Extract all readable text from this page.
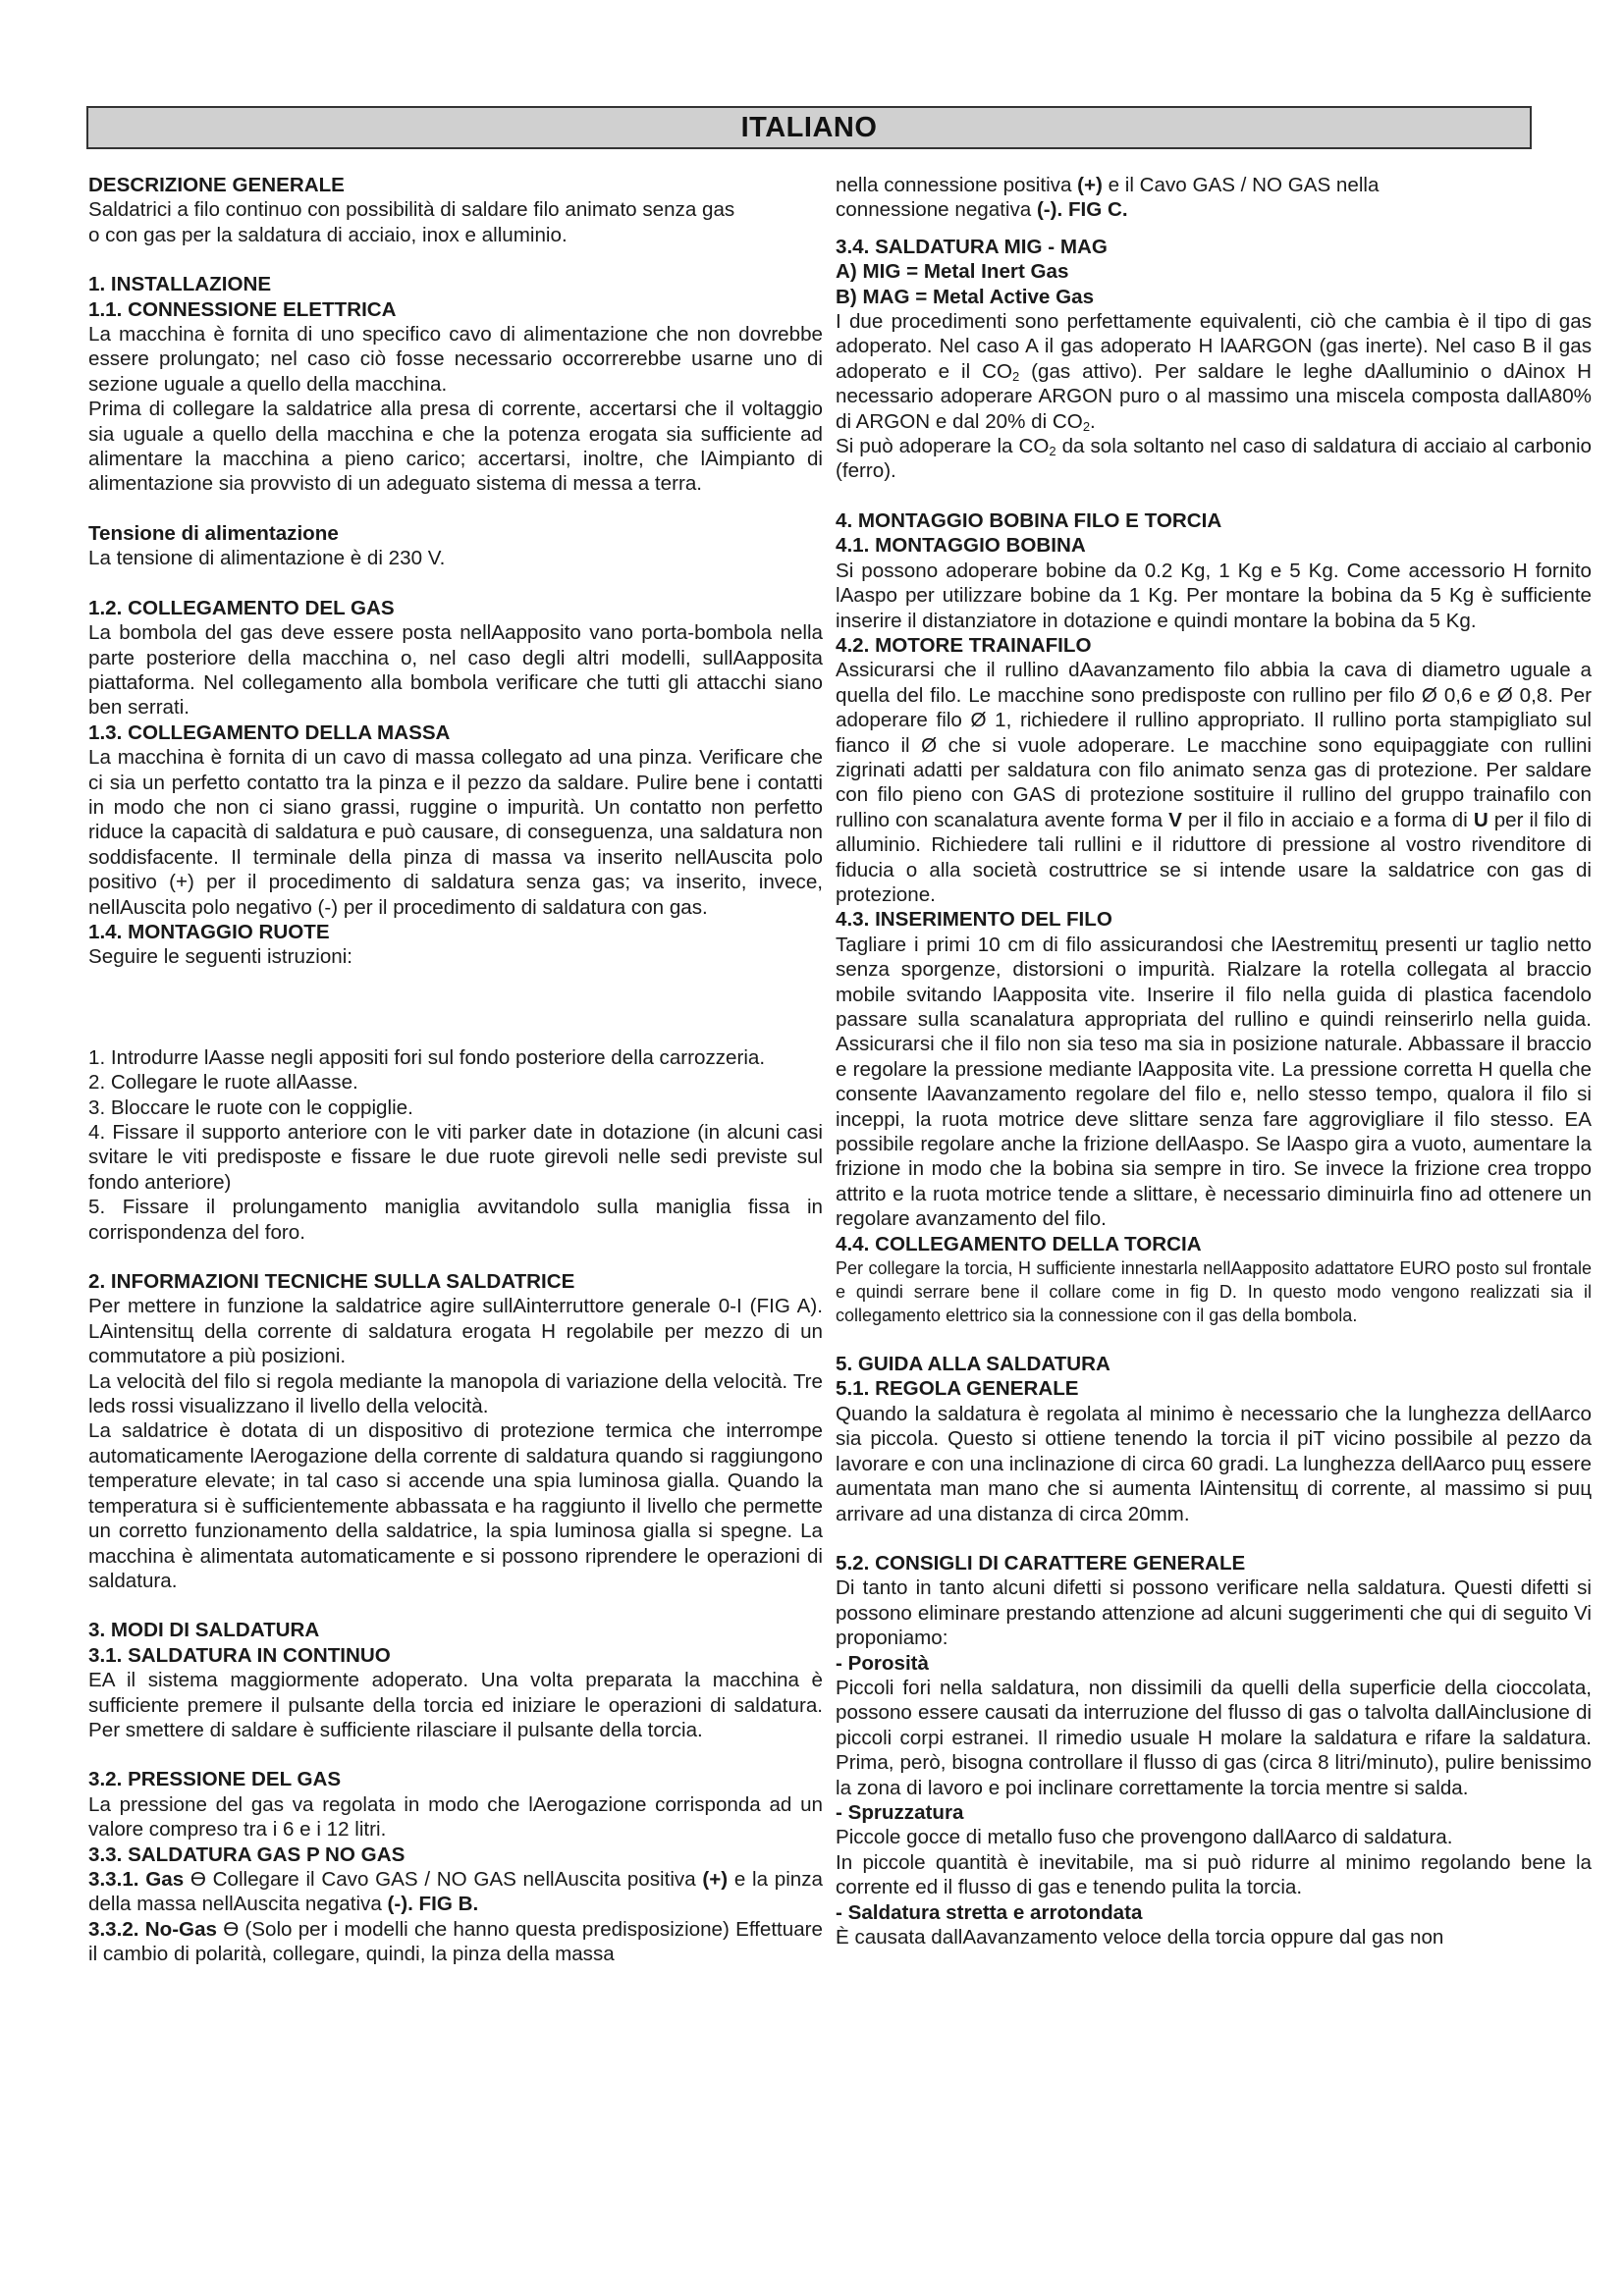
ITALIANO
DESCRIZIONE GENERALE
Saldatrici a filo continuo con possibilità di saldare filo animato senza gas
o con gas per la saldatura di acciaio, inox e alluminio.
1. INSTALLAZIONE
1.1. CONNESSIONE ELETTRICA
La macchina è fornita di uno specifico cavo di alimentazione che non dovrebbe essere prolungato; nel caso ciò fosse necessario occorrerebbe usarne uno di sezione uguale a quello della macchina.
Prima di collegare la saldatrice alla presa di corrente, accertarsi che il voltaggio sia uguale a quello della macchina e che la potenza erogata sia sufficiente ad alimentare la macchina a pieno carico; accertarsi, inoltre, che lAimpianto di alimentazione sia provvisto di un adeguato sistema di messa a terra.
Tensione di alimentazione
La tensione di alimentazione è di 230 V.
1.2. COLLEGAMENTO DEL GAS
La bombola del gas deve essere posta nellAapposito vano porta-bombola nella parte posteriore della macchina o, nel caso degli altri modelli, sullAapposita piattaforma. Nel collegamento alla bombola verificare che tutti gli attacchi siano ben serrati.
1.3. COLLEGAMENTO DELLA MASSA
La macchina è fornita di un cavo di massa collegato ad una pinza. Verificare che ci sia un perfetto contatto tra la pinza e il pezzo da saldare. Pulire bene i contatti in modo che non ci siano grassi, ruggine o impurità. Un contatto non perfetto riduce la capacità di saldatura e può causare, di conseguenza, una saldatura non soddisfacente. Il terminale della pinza di massa va inserito nellAuscita polo positivo (+) per il procedimento di saldatura senza gas; va inserito, invece, nellAuscita polo negativo (-) per il procedimento di saldatura con gas.
1.4. MONTAGGIO RUOTE
Seguire le seguenti istruzioni:
1. Introdurre lAasse negli appositi fori sul fondo posteriore della carrozzeria.
2. Collegare le ruote allAasse.
3. Bloccare le ruote con le coppiglie.
4. Fissare il supporto anteriore con le viti parker date in dotazione (in alcuni casi svitare le viti predisposte e fissare le due ruote girevoli nelle sedi previste sul fondo anteriore)
5. Fissare il prolungamento maniglia avvitandolo sulla maniglia fissa in corrispondenza del foro.
2. INFORMAZIONI TECNICHE SULLA SALDATRICE
Per mettere in funzione la saldatrice agire sullAinterruttore generale 0-I (FIG A). LAintensitщ della corrente di saldatura erogata H regolabile per mezzo di un commutatore a più posizioni.
La velocità del filo si regola mediante la manopola di variazione della velocità. Tre leds rossi visualizzano il livello della velocità.
La saldatrice è dotata di un dispositivo di protezione termica che interrompe automaticamente lAerogazione della corrente di saldatura quando si raggiungono temperature elevate; in tal caso si accende una spia luminosa gialla. Quando la temperatura si è sufficientemente abbassata e ha raggiunto il livello che permette un corretto funzionamento della saldatrice, la spia luminosa gialla si spegne. La macchina è alimentata automaticamente e si possono riprendere le operazioni di saldatura.
3. MODI DI SALDATURA
3.1. SALDATURA IN CONTINUO
EA il sistema maggiormente adoperato. Una volta preparata la macchina è sufficiente premere il pulsante della torcia ed iniziare le operazioni di saldatura. Per smettere di saldare è sufficiente rilasciare il pulsante della torcia.
3.2. PRESSIONE DEL GAS
La pressione del gas va regolata in modo che lAerogazione corrisponda ad un valore compreso tra i 6 e i 12 litri.
3.3. SALDATURA GAS P NO GAS
3.3.1. Gas ϴ Collegare il Cavo GAS / NO GAS nellAuscita positiva (+) e la pinza della massa nellAuscita negativa (-). FIG B.
3.3.2. No-Gas ϴ (Solo per i modelli che hanno questa predisposizione) Effettuare il cambio di polarità, collegare, quindi, la pinza della massa
nella connessione positiva (+) e il Cavo GAS / NO GAS nella
connessione negativa (-). FIG C.
3.4. SALDATURA MIG - MAG
A) MIG = Metal Inert Gas
B) MAG = Metal Active Gas
I due procedimenti sono perfettamente equivalenti, ciò che cambia è il tipo di gas adoperato. Nel caso A il gas adoperato H lAARGON (gas inerte). Nel caso B il gas adoperato e il $CO_2$ (gas attivo). Per saldare le leghe dAalluminio o dAinox H necessario adoperare ARGON puro o al massimo una miscela composta dallA80% di ARGON e dal 20% di $CO_2$.
Si può adoperare la $CO_2$ da sola soltanto nel caso di saldatura di acciaio al carbonio (ferro).
4. MONTAGGIO BOBINA FILO E TORCIA
4.1. MONTAGGIO BOBINA
Si possono adoperare bobine da 0.2 Kg, 1 Kg e 5 Kg. Come accessorio H fornito lAaspo per utilizzare bobine da 1 Kg. Per montare la bobina da 5 Kg è sufficiente inserire il distanziatore in dotazione e quindi montare la bobina da 5 Kg.
4.2. MOTORE TRAINAFILO
Assicurarsi che il rullino dAavanzamento filo abbia la cava di diametro uguale a quella del filo. Le macchine sono predisposte con rullino per filo Ø 0,6 e Ø 0,8. Per adoperare filo Ø 1, richiedere il rullino appropriato. Il rullino porta stampigliato sul fianco il Ø che si vuole adoperare. Le macchine sono equipaggiate con rullini zigrinati adatti per saldatura con filo animato senza gas di protezione. Per saldare con filo pieno con GAS di protezione sostituire il rullino del gruppo trainafilo con rullino con scanalatura avente forma V per il filo in acciaio e a forma di U per il filo di alluminio. Richiedere tali rullini e il riduttore di pressione al vostro rivenditore di fiducia o alla società costruttrice se si intende usare la saldatrice con gas di protezione.
4.3. INSERIMENTO DEL FILO
Tagliare i primi 10 cm di filo assicurandosi che lAestremitщ presenti ur taglio netto senza sporgenze, distorsioni o impurità. Rialzare la rotella collegata al braccio mobile svitando lAapposita vite. Inserire il filo nella guida di plastica facendolo passare sulla scanalatura appropriata del rullino e quindi reinserirlo nella guida. Assicurarsi che il filo non sia teso ma sia in posizione naturale. Abbassare il braccio e regolare la pressione mediante lAapposita vite. La pressione corretta H quella che consente lAavanzamento regolare del filo e, nello stesso tempo, qualora il filo si inceppi, la ruota motrice deve slittare senza fare aggrovigliare il filo stesso. EA possibile regolare anche la frizione dellAaspo. Se lAaspo gira a vuoto, aumentare la frizione in modo che la bobina sia sempre in tiro. Se invece la frizione crea troppo attrito e la ruota motrice tende a slittare, è necessario diminuirla fino ad ottenere un regolare avanzamento del filo.
4.4. COLLEGAMENTO DELLA TORCIA
Per collegare la torcia, H sufficiente innestarla nellAapposito adattatore EURO posto sul frontale e quindi serrare bene il collare come in fig D. In questo modo vengono realizzati sia il collegamento elettrico sia la connessione con il gas della bombola.
5. GUIDA ALLA SALDATURA
5.1. REGOLA GENERALE
Quando la saldatura è regolata al minimo è necessario che la lunghezza dellAarco sia piccola. Questo si ottiene tenendo la torcia il piT vicino possibile al pezzo da lavorare e con una inclinazione di circa 60 gradi. La lunghezza dellAarco puц essere aumentata man mano che si aumenta lAintensitщ di corrente, al massimo si puц arrivare ad una distanza di circa 20mm.
5.2. CONSIGLI DI CARATTERE GENERALE
Di tanto in tanto alcuni difetti si possono verificare nella saldatura. Questi difetti si possono eliminare prestando attenzione ad alcuni suggerimenti che qui di seguito Vi proponiamo:
- Porosità
Piccoli fori nella saldatura, non dissimili da quelli della superficie della cioccolata, possono essere causati da interruzione del flusso di gas o talvolta dallAinclusione di piccoli corpi estranei. Il rimedio usuale H molare la saldatura e rifare la saldatura. Prima, però, bisogna controllare il flusso di gas (circa 8 litri/minuto), pulire benissimo la zona di lavoro e poi inclinare correttamente la torcia mentre si salda.
- Spruzzatura
Piccole gocce di metallo fuso che provengono dallAarco di saldatura.
In piccole quantità è inevitabile, ma si può ridurre al minimo regolando bene la corrente ed il flusso di gas e tenendo pulita la torcia.
- Saldatura stretta e arrotondata
È causata dallAavanzamento veloce della torcia oppure dal gas non
